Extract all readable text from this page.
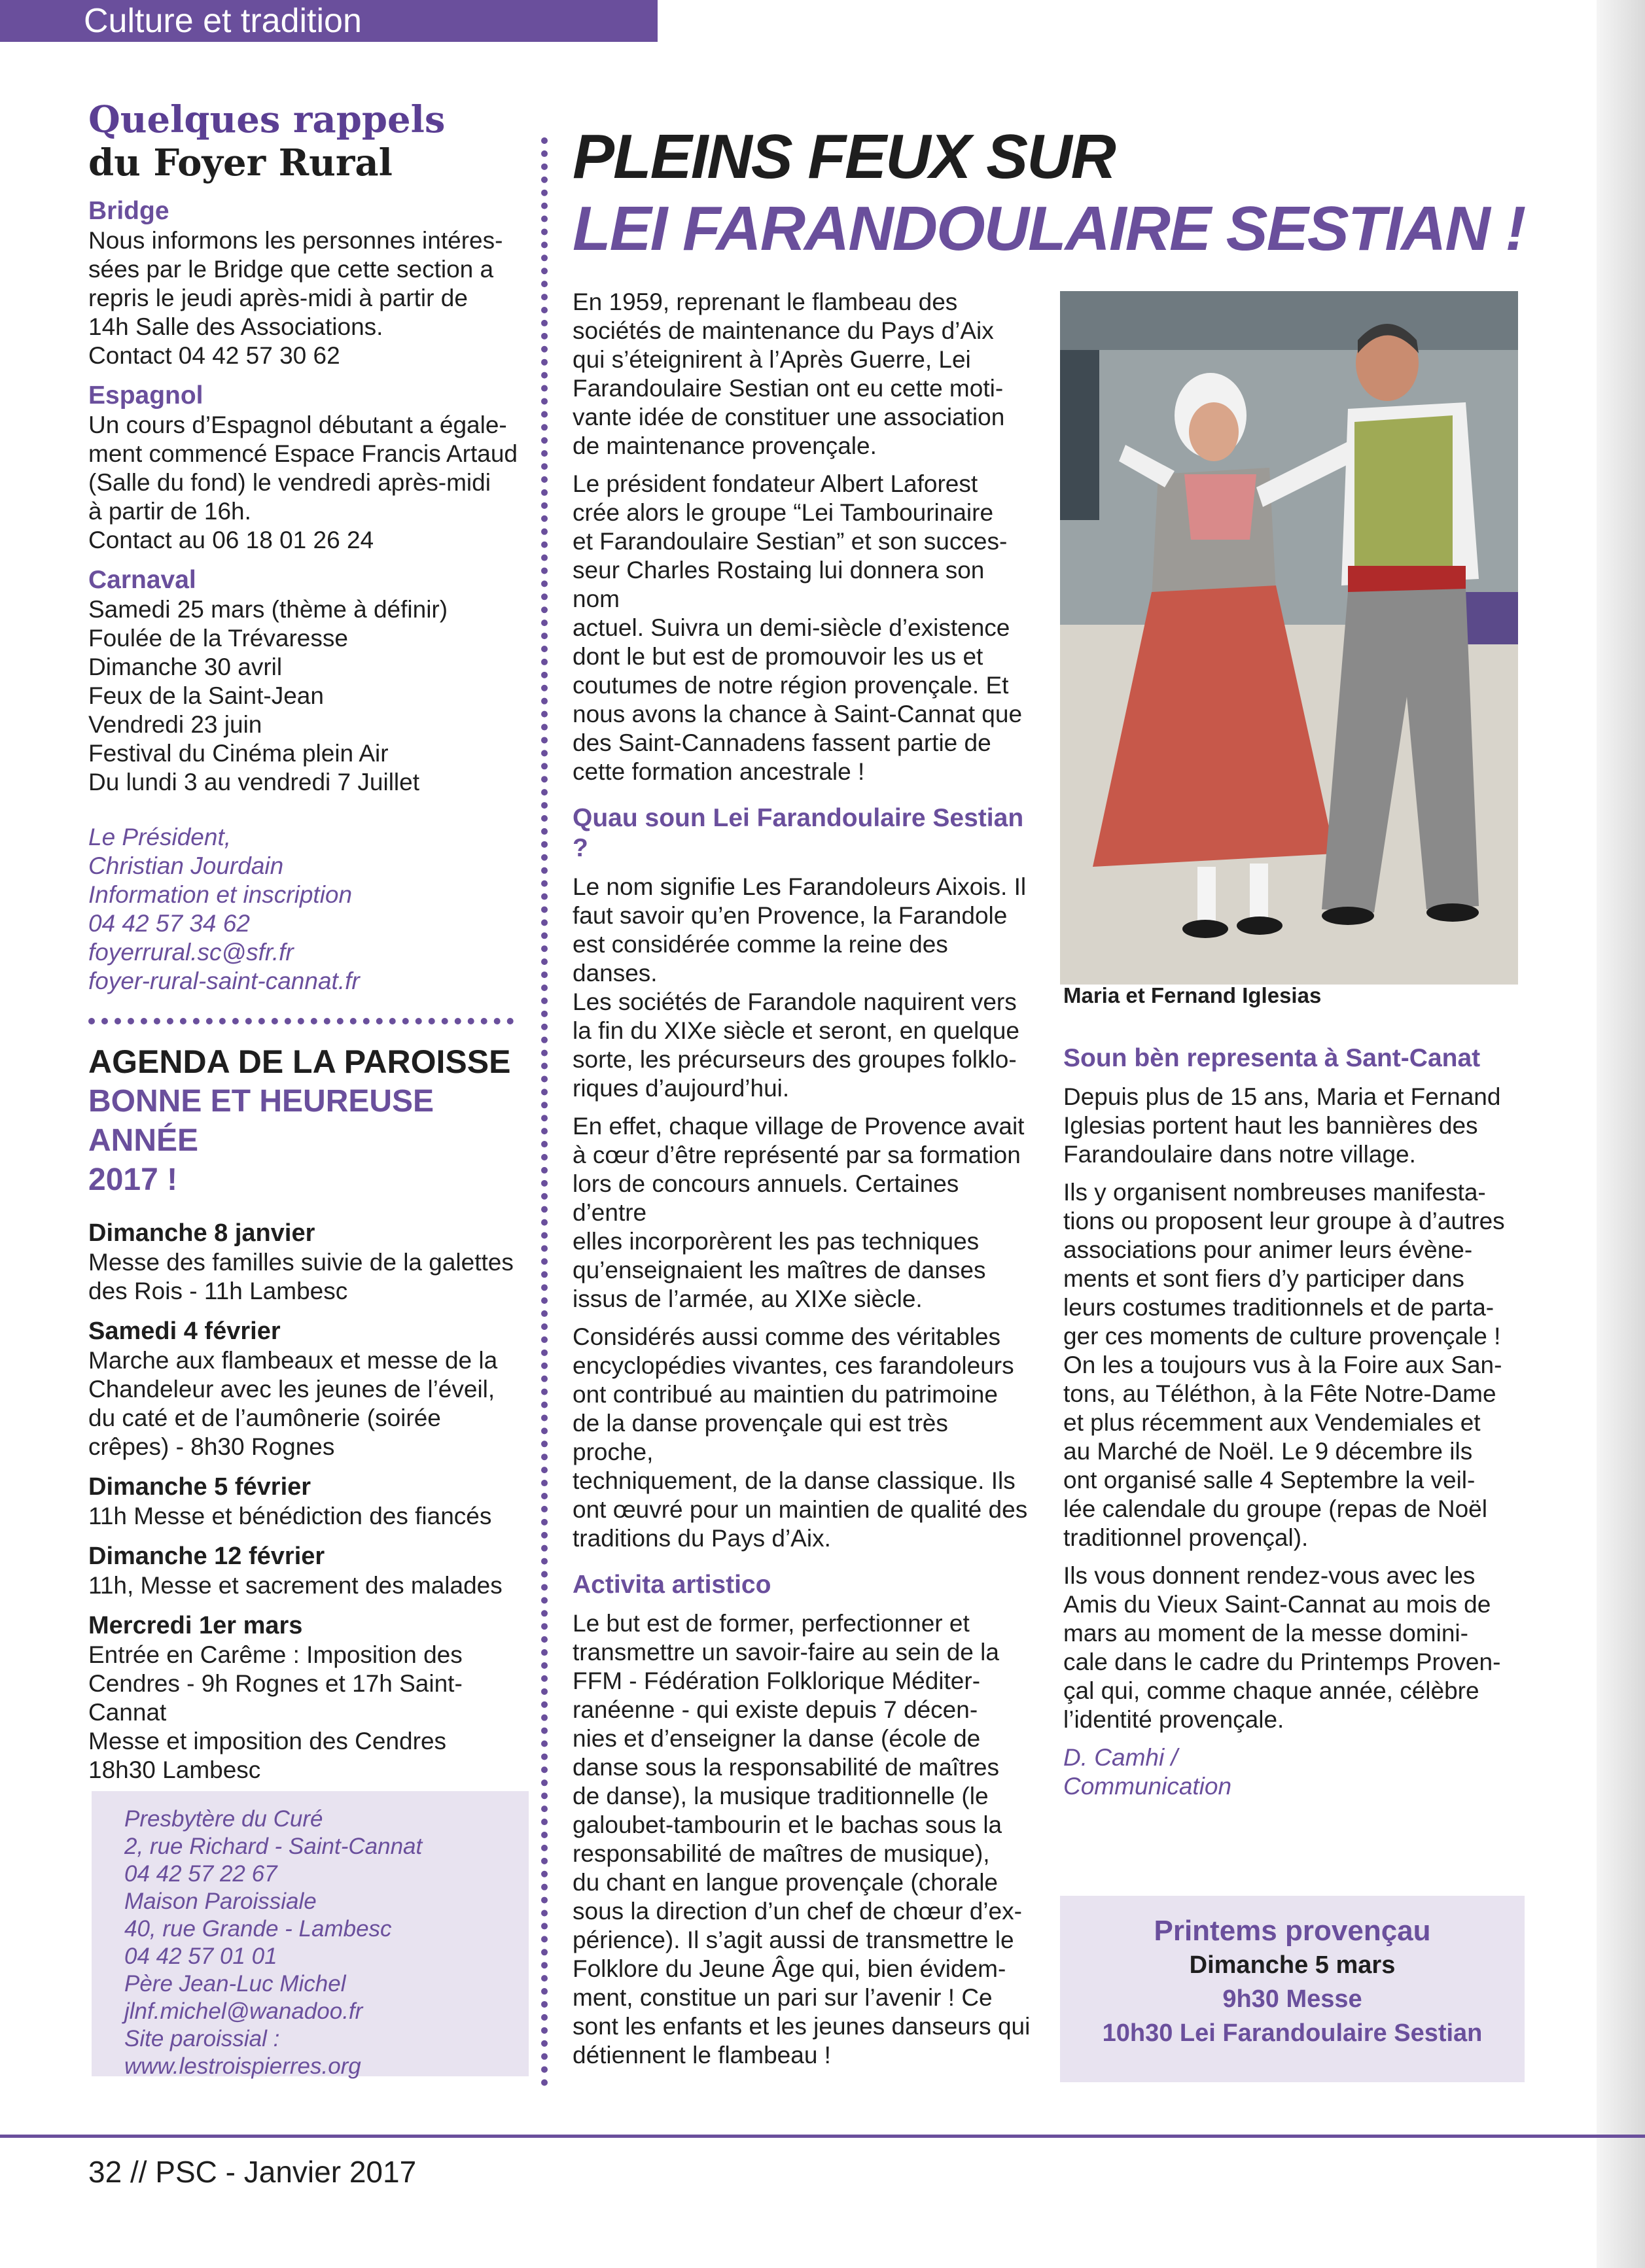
Culture et tradition

Quelques rappels

du Foyer Rural

Bridge

Nous informons les personnes intéres-

sées par le Bridge que cette section a

repris le jeudi après-midi à partir de

14h Salle des Associations.

Contact 04 42 57 30 62

Espagnol

Un cours d’Espagnol débutant a égale-

ment commencé Espace Francis Artaud

(Salle du fond) le vendredi après-midi

à partir de 16h.

Contact au 06 18 01 26 24

Carnaval

Samedi 25 mars (thème à définir)

Foulée de la Trévaresse

Dimanche 30 avril

Feux de la Saint-Jean

Vendredi 23 juin

Festival du Cinéma plein Air

Du lundi 3 au vendredi 7 Juillet

Le Président,

Christian Jourdain

Information et inscription

04 42 57 34 62

foyerrural.sc@sfr.fr

foyer-rural-saint-cannat.fr

AGENDA DE LA PAROISSE

BONNE ET HEUREUSE ANNÉE

2017 !

Dimanche 8 janvier

Messe des familles suivie de la galettes

des Rois - 11h Lambesc

Samedi 4 février

Marche aux flambeaux et messe de la

Chandeleur avec les jeunes de l’éveil,

du caté et de l’aumônerie (soirée

crêpes) - 8h30 Rognes

Dimanche 5 février

11h Messe et bénédiction des fiancés

Dimanche 12 février

11h, Messe et sacrement des malades

Mercredi 1er mars

Entrée en Carême : Imposition des

Cendres - 9h Rognes et 17h Saint-Cannat

Messe et imposition des Cendres

18h30 Lambesc

Presbytère du Curé

2, rue Richard - Saint-Cannat

04 42 57 22 67

Maison Paroissiale

40, rue Grande - Lambesc

04 42 57 01 01

Père Jean-Luc Michel

jlnf.michel@wanadoo.fr

Site paroissial :

www.lestroispierres.org

PLEINS FEUX SUR

LEI FARANDOULAIRE SESTIAN !

En 1959, reprenant le flambeau des

sociétés de maintenance du Pays d’Aix

qui s’éteignirent à l’Après Guerre, Lei

Farandoulaire Sestian ont eu cette moti-

vante idée de constituer une association

de maintenance provençale.

Le président fondateur Albert Laforest

crée alors le groupe “Lei Tambourinaire

et Farandoulaire Sestian” et son succes-

seur Charles Rostaing lui donnera son nom

actuel. Suivra un demi-siècle d’existence

dont le but est de promouvoir les us et

coutumes de notre région provençale. Et

nous avons la chance à Saint-Cannat que

des Saint-Cannadens fassent partie de

cette formation ancestrale !

Quau soun Lei Farandoulaire Sestian ?

Le nom signifie Les Farandoleurs Aixois. Il

faut savoir qu’en Provence, la Farandole

est considérée comme la reine des danses.

Les sociétés de Farandole naquirent vers

la fin du XIXe siècle et seront, en quelque

sorte, les précurseurs des groupes folklo-

riques d’aujourd’hui.

En effet, chaque village de Provence avait

à cœur d’être représenté par sa formation

lors de concours annuels. Certaines d’entre

elles incorporèrent les pas techniques

qu’enseignaient les maîtres de danses

issus de l’armée, au XIXe siècle.

Considérés aussi comme des véritables

encyclopédies vivantes, ces farandoleurs

ont contribué au maintien du patrimoine

de la danse provençale qui est très proche,

techniquement, de la danse classique. Ils

ont œuvré pour un maintien de qualité des

traditions du Pays d’Aix.

Activita artistico

Le but est de former, perfectionner et

transmettre un savoir-faire au sein de la

FFM - Fédération Folklorique Méditer-

ranéenne - qui existe depuis 7 décen-

nies et d’enseigner la danse (école de

danse sous la responsabilité de maîtres

de danse), la musique traditionnelle (le

galoubet-tambourin et le bachas sous la

responsabilité de maîtres de musique),

du chant en langue provençale (chorale

sous la direction d’un chef de chœur d’ex-

périence). Il s’agit aussi de transmettre le

Folklore du Jeune Âge qui, bien évidem-

ment, constitue un pari sur l’avenir ! Ce

sont les enfants et les jeunes danseurs qui

détiennent le flambeau !

Maria et Fernand Iglesias

Soun bèn representa à Sant-Canat

Depuis plus de 15 ans, Maria et Fernand

Iglesias portent haut les bannières des

Farandoulaire dans notre village.

Ils y organisent nombreuses manifesta-

tions ou proposent leur groupe à d’autres

associations pour animer leurs évène-

ments et sont fiers d’y participer dans

leurs costumes traditionnels et de parta-

ger ces moments de culture provençale !

On les a toujours vus à la Foire aux San-

tons, au Téléthon, à la Fête Notre-Dame

et plus récemment aux Vendemiales et

au Marché de Noël. Le 9 décembre ils

ont organisé salle 4 Septembre la veil-

lée calendale du groupe (repas de Noël

traditionnel provençal).

Ils vous donnent rendez-vous avec les

Amis du Vieux Saint-Cannat au mois de

mars au moment de la messe domini-

cale dans le cadre du Printemps Proven-

çal qui, comme chaque année, célèbre

l’identité provençale.

D. Camhi /

Communication

Printems provençau

Dimanche 5 mars

9h30 Messe

10h30 Lei Farandoulaire Sestian

32 // PSC - Janvier 2017
